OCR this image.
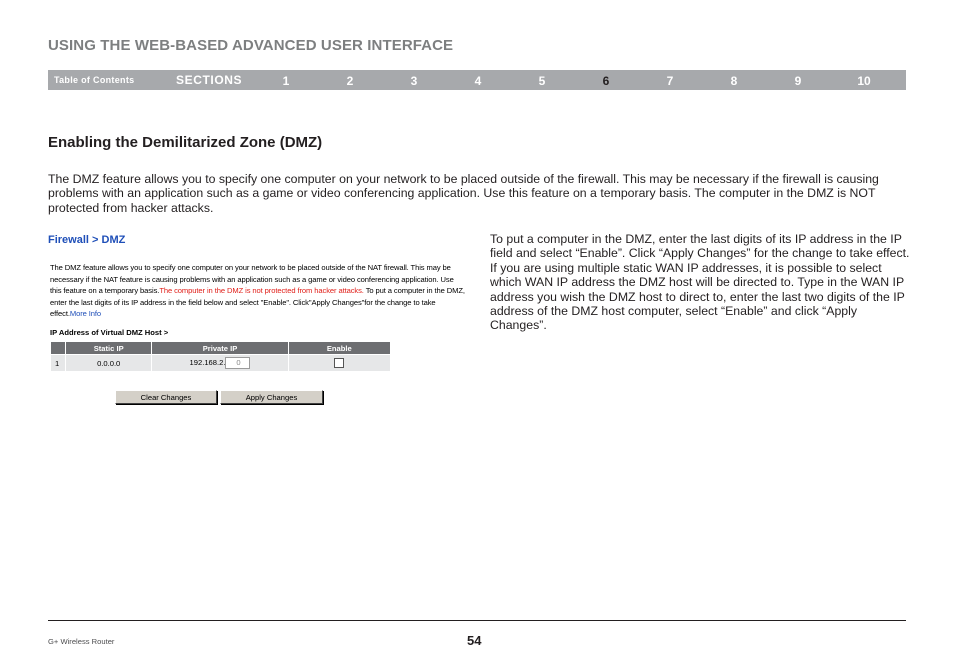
USING THE WEB-BASED ADVANCED USER INTERFACE
Table of Contents	SECTIONS	1	2	3	4	5	6	7	8	9	10
Enabling the Demilitarized Zone (DMZ)
The DMZ feature allows you to specify one computer on your network to be placed outside of the firewall. This may be necessary if the firewall is causing problems with an application such as a game or video conferencing application. Use this feature on a temporary basis. The computer in the DMZ is NOT protected from hacker attacks.
Firewall > DMZ
The DMZ feature allows you to specify one computer on your network to be placed outside of the NAT firewall. This may be necessary if the NAT feature is causing problems with an application such as a game or video conferencing application. Use this feature on a temporary basis.The computer in the DMZ is not protected from hacker attacks. To put a computer in the DMZ, enter the last digits of its IP address in the field below and select "Enable". Click"Apply Changes"for the change to take effect.More Info
IP Address of Virtual DMZ Host >
	Static IP	Private IP	Enable
1	0.0.0.0	192.168.2. 0	
Clear Changes	Apply Changes
To put a computer in the DMZ, enter the last digits of its IP address in the IP field and select “Enable”. Click “Apply Changes” for the change to take effect. If you are using multiple static WAN IP addresses, it is possible to select which WAN IP address the DMZ host will be directed to. Type in the WAN IP address you wish the DMZ host to direct to, enter the last two digits of the IP address of the DMZ host computer, select “Enable” and click “Apply Changes”.
G+ Wireless Router	54
